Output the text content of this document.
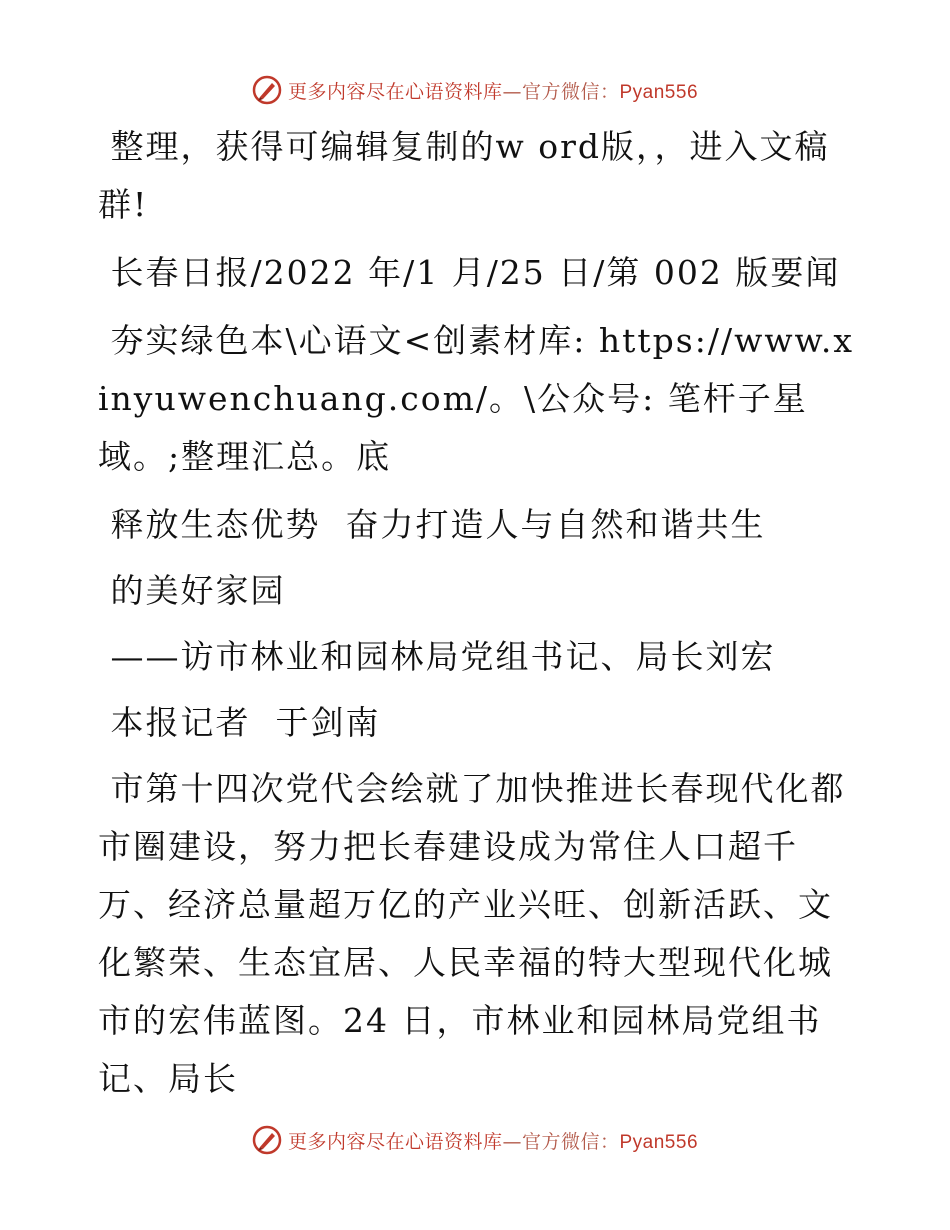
更多内容尽在心语资料库—官方微信：Pyan556

整理，获得可编辑复制的w ord版，，进入文稿群!

长春日报/2022 年/1 月/25 日/第 002 版要闻

夯实绿色本\心语文<创素材库: https://www.xinyuwenchuang.com/。\公众号: 笔杆子星域。;整理汇总。底

释放生态优势  奋力打造人与自然和谐共生

的美好家园

——访市林业和园林局党组书记、局长刘宏

本报记者  于剑南

市第十四次党代会绘就了加快推进长春现代化都市圈建设，努力把长春建设成为常住人口超千万、经济总量超万亿的产业兴旺、创新活跃、文化繁荣、生态宜居、人民幸福的特大型现代化城市的宏伟蓝图。24 日，市林业和园林局党组书记、局长

更多内容尽在心语资料库—官方微信：Pyan556
